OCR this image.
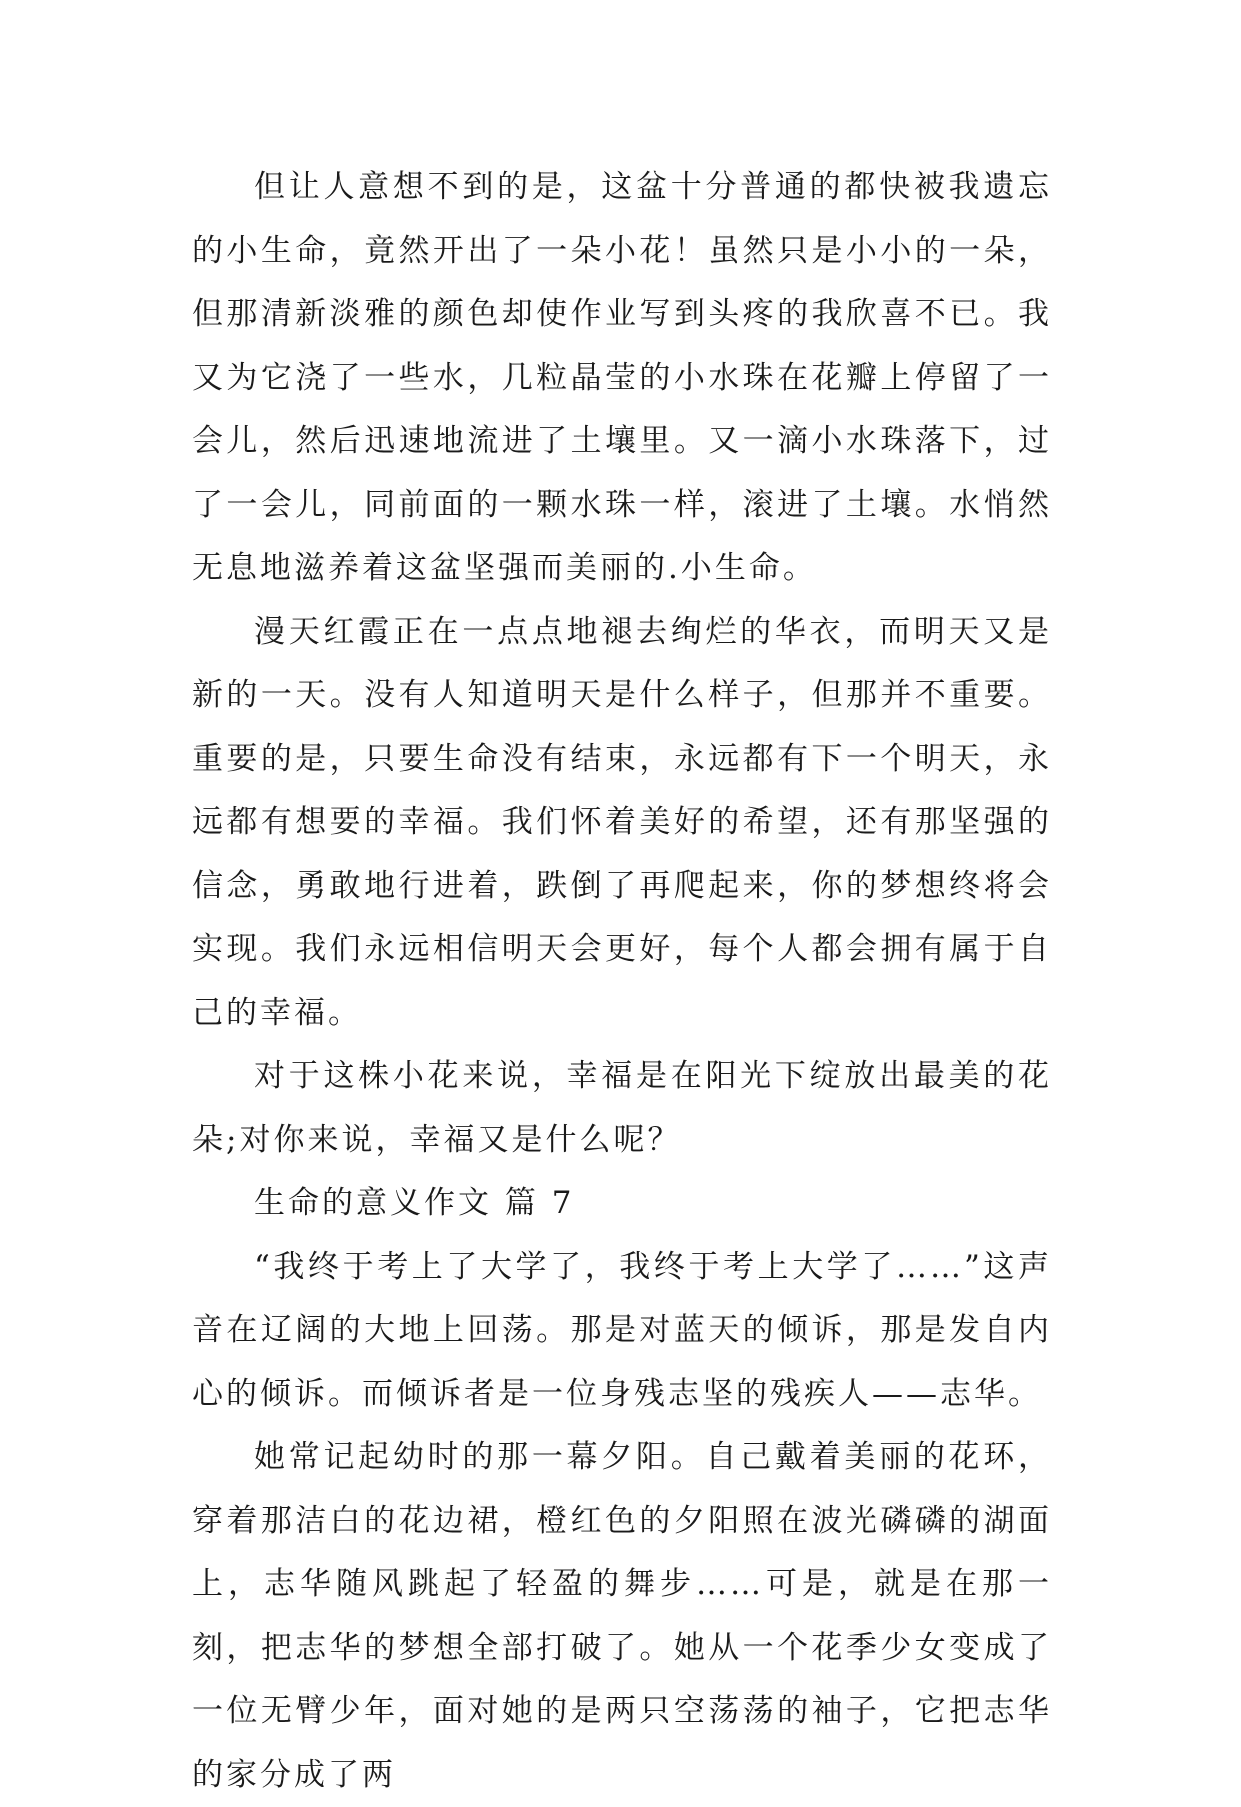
但让人意想不到的是，这盆十分普通的都快被我遗忘的小生命，竟然开出了一朵小花！虽然只是小小的一朵，但那清新淡雅的颜色却使作业写到头疼的我欣喜不已。我又为它浇了一些水，几粒晶莹的小水珠在花瓣上停留了一会儿，然后迅速地流进了土壤里。又一滴小水珠落下，过了一会儿，同前面的一颗水珠一样，滚进了土壤。水悄然无息地滋养着这盆坚强而美丽的.小生命。

漫天红霞正在一点点地褪去绚烂的华衣，而明天又是新的一天。没有人知道明天是什么样子，但那并不重要。重要的是，只要生命没有结束，永远都有下一个明天，永远都有想要的幸福。我们怀着美好的希望，还有那坚强的信念，勇敢地行进着，跌倒了再爬起来，你的梦想终将会实现。我们永远相信明天会更好，每个人都会拥有属于自己的幸福。

对于这株小花来说，幸福是在阳光下绽放出最美的花朵;对你来说，幸福又是什么呢？

生命的意义作文 篇 7

“我终于考上了大学了，我终于考上大学了……”这声音在辽阔的大地上回荡。那是对蓝天的倾诉，那是发自内心的倾诉。而倾诉者是一位身残志坚的残疾人——志华。

她常记起幼时的那一幕夕阳。自己戴着美丽的花环，穿着那洁白的花边裙，橙红色的夕阳照在波光磷磷的湖面上，志华随风跳起了轻盈的舞步……可是，就是在那一刻，把志华的梦想全部打破了。她从一个花季少女变成了一位无臂少年，面对她的是两只空荡荡的袖子，它把志华的家分成了两
